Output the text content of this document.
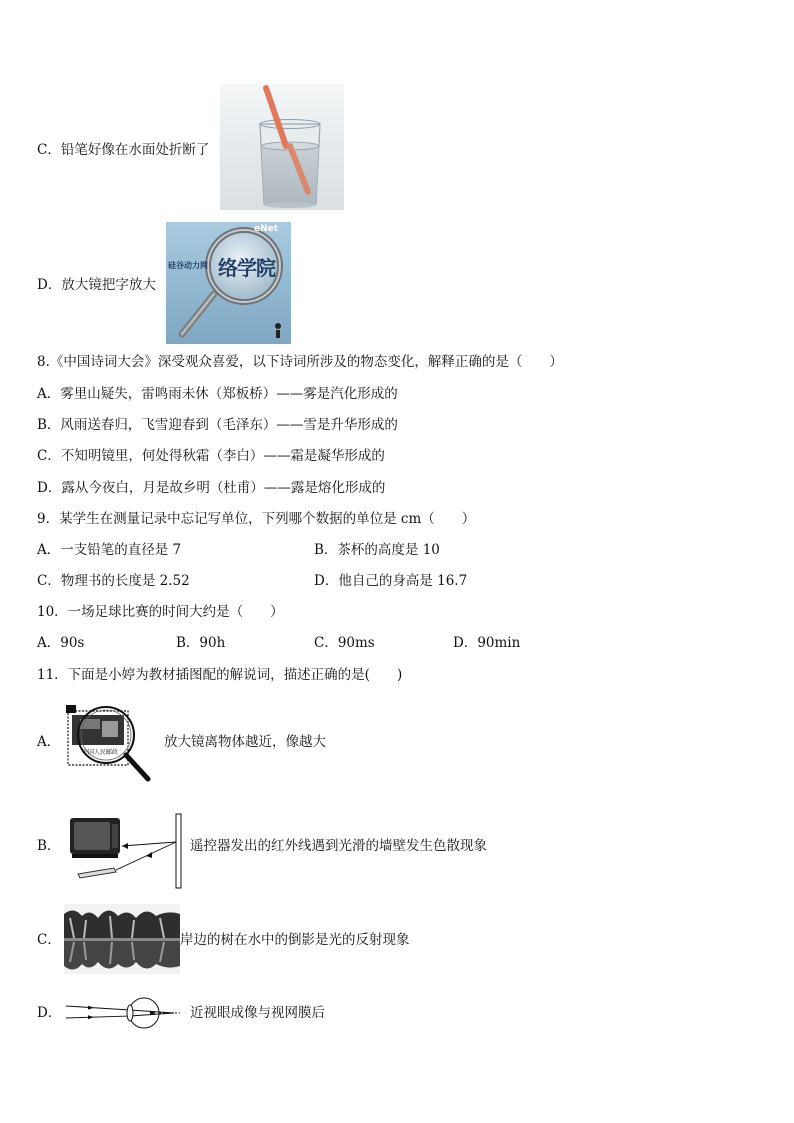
C．铅笔好像在水面处折断了
D．放大镜把字放大
eNet
硅谷动力网 络学院
8.《中国诗词大会》深受观众喜爱，以下诗词所涉及的物态变化，解释正确的是（　　）
A．雾里山疑失，雷鸣雨未休（郑板桥）——雾是汽化形成的
B．风雨送春归，飞雪迎春到（毛泽东）——雪是升华形成的
C．不知明镜里，何处得秋霜（李白）——霜是凝华形成的
D．露从今夜白，月是故乡明（杜甫）——露是熔化形成的
9．某学生在测量记录中忘记写单位，下列哪个数据的单位是 cm（　　）
A．一支铅笔的直径是 7	B．茶杯的高度是 10
C．物理书的长度是 2.52	D．他自己的身高是 16.7
10．一场足球比赛的时间大约是（　　）
A．90s	B．90h	C．90ms	D．90min
11．下面是小婷为教材插图配的解说词，描述正确的是(　　)
A．
中国人民邮政
放大镜离物体越近，像越大
B．	遥控器发出的红外线遇到光滑的墙壁发生色散现象
C．	岸边的树在水中的倒影是光的反射现象
D．	近视眼成像与视网膜后
